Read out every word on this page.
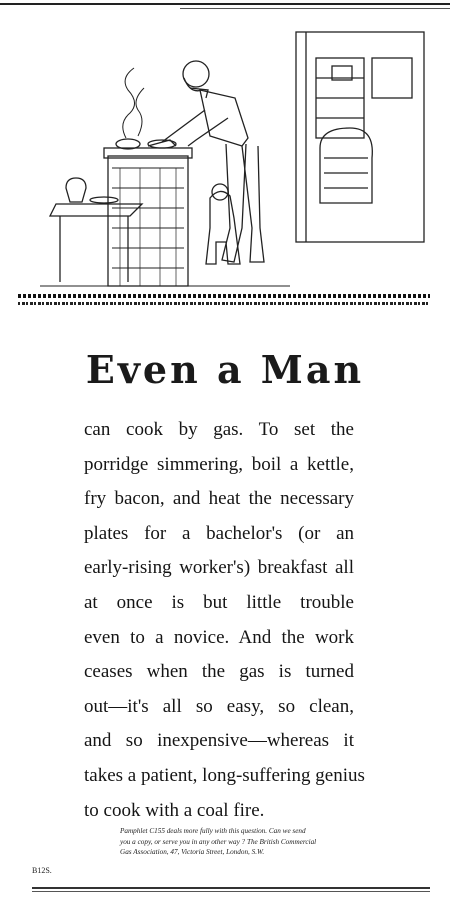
Even a Man
can cook by gas. To set the
porridge simmering, boil a kettle,
fry bacon, and heat the necessary
plates for a bachelor's (or an
early-rising worker's) breakfast all
at once is but little trouble
even to a novice. And the work
ceases when the gas is turned
out—it's all so easy, so clean,
and so inexpensive—whereas it
takes a patient, long-suffering genius
to cook with a coal fire.
Pamphlet C155 deals more fully with this question. Can we send
you a copy, or serve you in any other way ? The British Commercial
Gas Association, 47, Victoria Street, London, S.W.
B12S.
